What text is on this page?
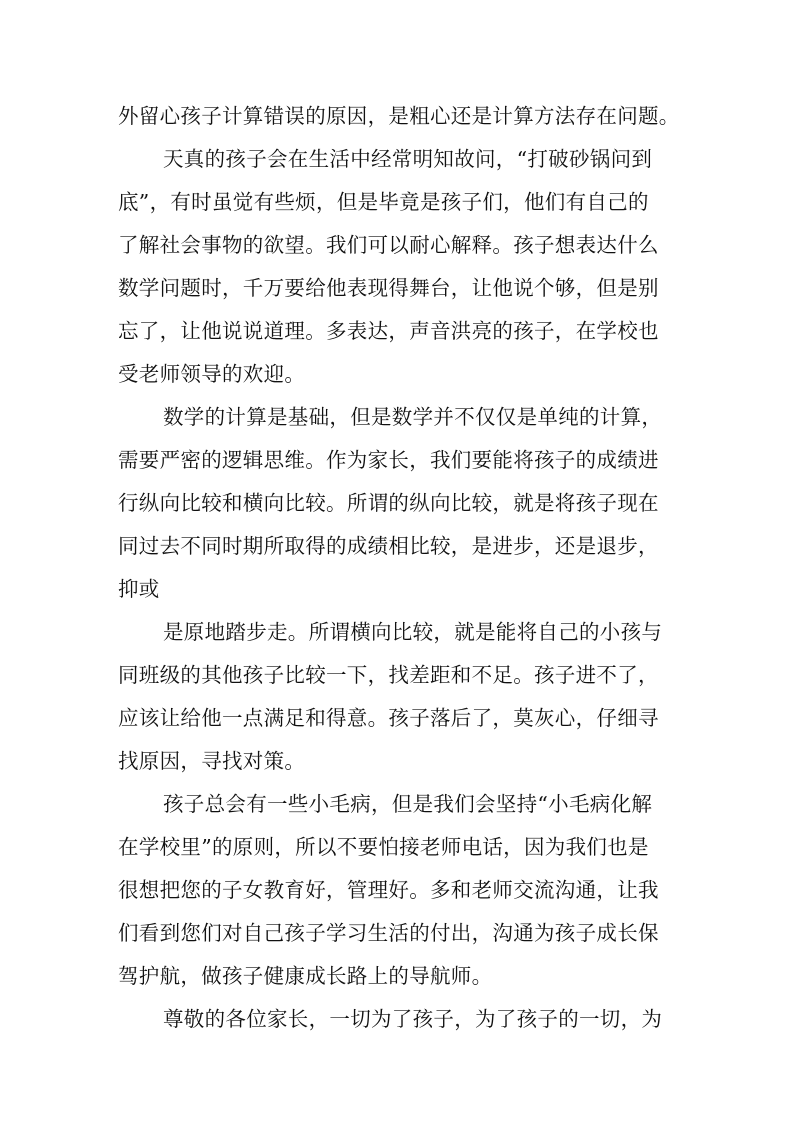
外留心孩子计算错误的原因，是粗心还是计算方法存在问题。
天真的孩子会在生活中经常明知故问，“打破砂锅问到
底”，有时虽觉有些烦，但是毕竟是孩子们，他们有自己的
了解社会事物的欲望。我们可以耐心解释。孩子想表达什么
数学问题时，千万要给他表现得舞台，让他说个够，但是别
忘了，让他说说道理。多表达，声音洪亮的孩子，在学校也
受老师领导的欢迎。
数学的计算是基础，但是数学并不仅仅是单纯的计算，
需要严密的逻辑思维。作为家长，我们要能将孩子的成绩进
行纵向比较和横向比较。所谓的纵向比较，就是将孩子现在
同过去不同时期所取得的成绩相比较，是进步，还是退步，
抑或
是原地踏步走。所谓横向比较，就是能将自己的小孩与
同班级的其他孩子比较一下，找差距和不足。孩子进不了，
应该让给他一点满足和得意。孩子落后了，莫灰心，仔细寻
找原因，寻找对策。
孩子总会有一些小毛病，但是我们会坚持“小毛病化解
在学校里”的原则，所以不要怕接老师电话，因为我们也是
很想把您的子女教育好，管理好。多和老师交流沟通，让我
们看到您们对自己孩子学习生活的付出，沟通为孩子成长保
驾护航，做孩子健康成长路上的导航师。
尊敬的各位家长，一切为了孩子，为了孩子的一切，为
